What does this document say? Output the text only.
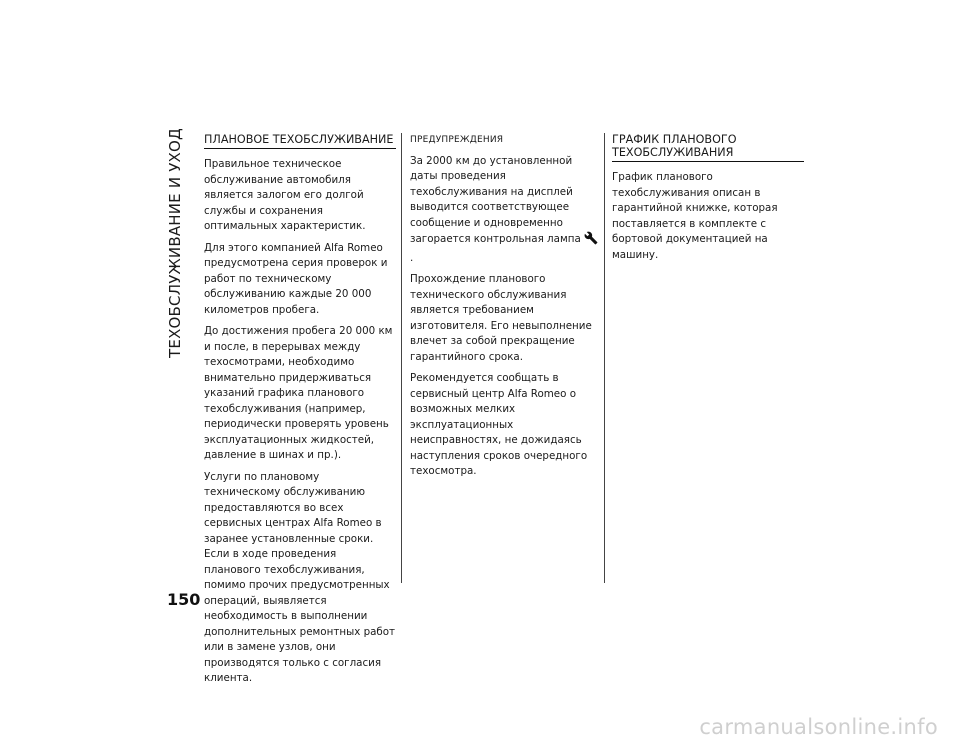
ТЕХОБСЛУЖИВАНИЕ И УХОД ПЛАНОВОЕ ТЕХОБСЛУЖИВАНИЕ

Правильное техническое обслуживание автомобиля является залогом его долгой службы и сохранения оптимальных характеристик.

Для этого компанией Alfa Romeo предусмотрена серия проверок и работ по техническому обслуживанию каждые 20 000 километров пробега.

До достижения пробега 20 000 км и после, в перерывах между техосмотрами, необходимо внимательно придерживаться указаний графика планового техобслуживания (например, периодически проверять уровень эксплуатационных жидкостей, давление в шинах и пр.).

Услуги по плановому техническому обслуживанию предоставляются во всех сервисных центрах Alfa Romeo в заранее установленные сроки. Если в ходе проведения планового техобслуживания, помимо прочих предусмотренных операций, выявляется необходимость в выполнении дополнительных ремонтных работ или в замене узлов, они производятся только с согласия клиента.

ПРЕДУПРЕЖДЕНИЯ

За 2000 км до установленной даты проведения техобслуживания на дисплей выводится соответствующее сообщение и одновременно загорается контрольная лампа.

Прохождение планового технического обслуживания является требованием изготовителя. Его невыполнение влечет за собой прекращение гарантийного срока.

Рекомендуется сообщать в сервисный центр Alfa Romeo о возможных мелких эксплуатационных неисправностях, не дожидаясь наступления сроков очередного техосмотра.

ГРАФИК ПЛАНОВОГО
ТЕХОБСЛУЖИВАНИЯ

График планового техобслуживания описан в гарантийной книжке, которая поставляется в комплекте с бортовой документацией на машину.

150
carmanualsonline.info
